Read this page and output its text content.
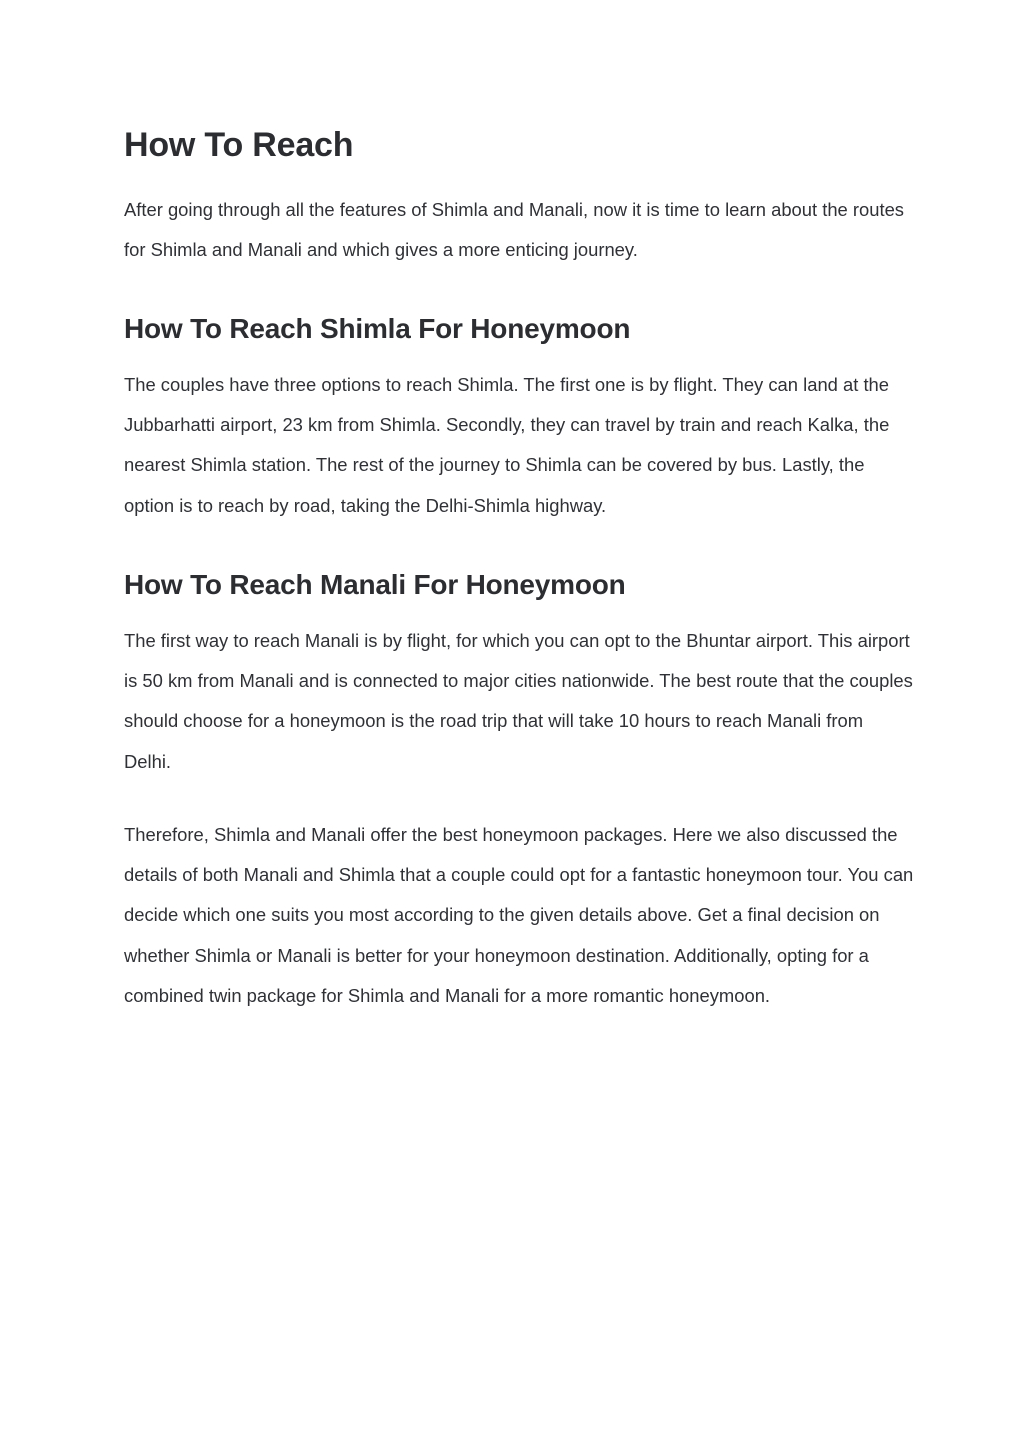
How To Reach

After going through all the features of Shimla and Manali, now it is time to learn about the routes for Shimla and Manali and which gives a more enticing journey.

How To Reach Shimla For Honeymoon

The couples have three options to reach Shimla. The first one is by flight. They can land at the Jubbarhatti airport, 23 km from Shimla. Secondly, they can travel by train and reach Kalka, the nearest Shimla station. The rest of the journey to Shimla can be covered by bus. Lastly, the option is to reach by road, taking the Delhi-Shimla highway.

How To Reach Manali For Honeymoon

The first way to reach Manali is by flight, for which you can opt to the Bhuntar airport. This airport is 50 km from Manali and is connected to major cities nationwide. The best route that the couples should choose for a honeymoon is the road trip that will take 10 hours to reach Manali from Delhi.

Therefore, Shimla and Manali offer the best honeymoon packages. Here we also discussed the details of both Manali and Shimla that a couple could opt for a fantastic honeymoon tour. You can decide which one suits you most according to the given details above. Get a final decision on whether Shimla or Manali is better for your honeymoon destination. Additionally, opting for a combined twin package for Shimla and Manali for a more romantic honeymoon.
